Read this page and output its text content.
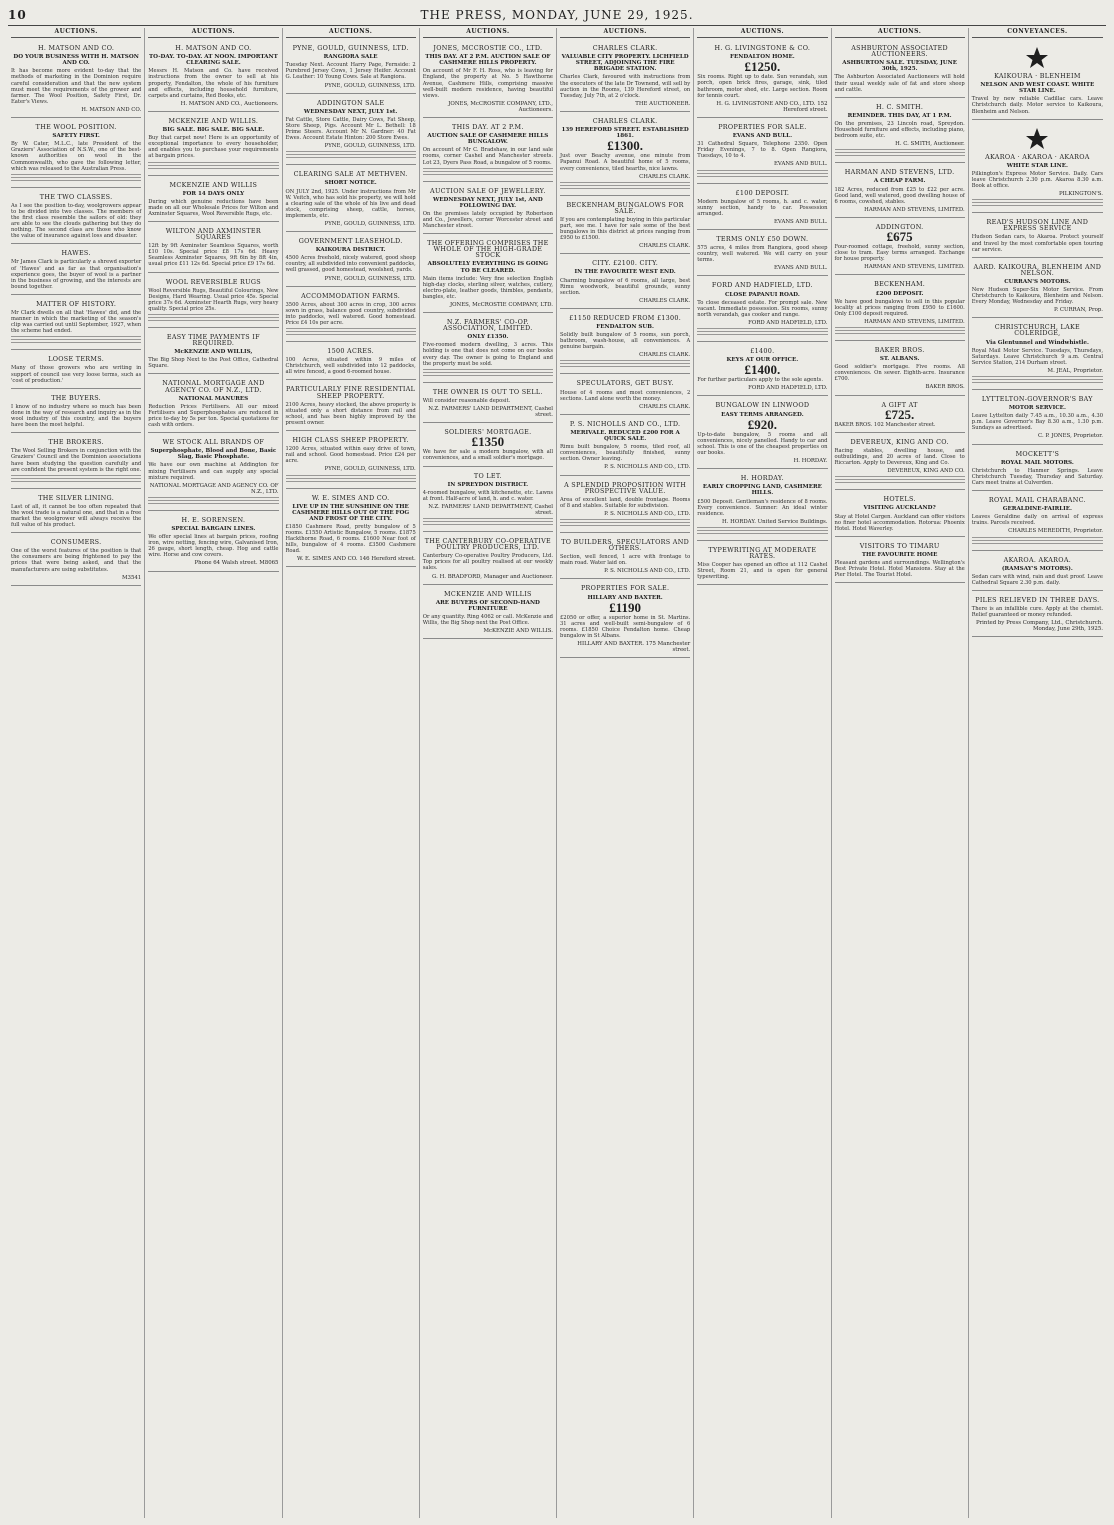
10	THE PRESS, MONDAY, JUNE 29, 1925.
AUCTIONS.
H. MATSON AND CO.
DO YOUR BUSINESS WITH H. MATSON AND CO.
It has become more evident to-day that the methods of marketing in the Dominion require careful consideration and that the new system must meet the requirements of the grower and farmer. The Wool Position, Safety First, Dr. Eater's Views.
H. MATSON AND CO.
THE WOOL POSITION.
SAFETY FIRST.
By W. Cater, M.L.C., late President of the Graziers' Association of N.S.W., one of the best-known authorities on wool in the Commonwealth, who gave the following letter, which was released to the Australian Press.
THE TWO CLASSES.
As I see the position to-day, woolgrowers appear to be divided into two classes. The members of the first class resemble the sailors of old: they are able to see the clouds gathering but they do nothing. The second class are those who know the value of insurance against loss and disaster.
HAWES.
Mr James Clark is particularly a shrewd exporter of 'Hawes' and as far as that organisation's experience goes, the buyer of wool is a partner in the business of growing, and the interests are bound together.
MATTER OF HISTORY.
Mr Clark dwells on all that 'Hawes' did, and the manner in which the marketing of the season's clip was carried out until September, 1927, when the scheme had ended.
LOOSE TERMS.
Many of those growers who are writing in support of council use very loose terms, such as 'cost of production.'
THE BUYERS.
I know of no industry where so much has been done in the way of research and inquiry as in the wool industry of this country, and the buyers have been the most helpful.
THE BROKERS.
The Wool Selling Brokers in conjunction with the Graziers' Council and the Dominion associations have been studying the question carefully and are confident the present system is the right one.
THE SILVER LINING.
Last of all, it cannot be too often repeated that the wool trade is a natural one, and that in a free market the woolgrower will always receive the full value of his product.
CONSUMERS.
One of the worst features of the position is that the consumers are being frightened to pay the prices that were being asked, and that the manufacturers are using substitutes.
M3541
AUCTIONS.
H. MATSON AND CO.
TO-DAY. TO-DAY. AT NOON. IMPORTANT CLEARING SALE.
Messrs H. Matson and Co. have received instructions from the owner to sell at his property, Fendalton, the whole of his furniture and effects, including household furniture, carpets and curtains, Red Books, etc.
H. MATSON AND CO., Auctioneers.
MCKENZIE AND WILLIS.
BIG SALE. BIG SALE. BIG SALE.
Buy that carpet now! Here is an opportunity of exceptional importance to every householder, and enables you to purchase your requirements at bargain prices.
MCKENZIE AND WILLIS
FOR 14 DAYS ONLY
During which genuine reductions have been made on all our Wholesale Prices for Wilton and Axminster Squares, Wool Reversible Rugs, etc.
WILTON AND AXMINSTER SQUARES
12ft by 9ft Axminster Seamless Squares, worth £10 10s. Special price £8 17s 6d. Heavy Seamless Axminster Squares, 9ft 6in by 8ft 4in, usual price £11 12s 6d. Special price £9 17s 6d.
WOOL REVERSIBLE RUGS
Wool Reversible Rugs, Beautiful Colourings, New Designs, Hard Wearing. Usual price 45s. Special price 37s 6d. Axminster Hearth Rugs, very heavy quality. Special price 25s.
EASY TIME PAYMENTS IF REQUIRED.
McKENZIE AND WILLIS,
The Big Shop Next to the Post Office, Cathedral Square.
NATIONAL MORTGAGE AND AGENCY CO. OF N.Z., LTD.
NATIONAL MANURES
Reduction Prices Fertilisers. All our mixed Fertilisers and Superphosphates are reduced in price to-day by 5s per ton. Special quotations for cash with orders.
WE STOCK ALL BRANDS OF
Superphosphate, Blood and Bone, Basic Slag, Basic Phosphate.
We have our own machine at Addington for mixing Fertilisers and can supply any special mixture required.
NATIONAL MORTGAGE AND AGENCY CO. OF N.Z., LTD.
H. E. SORENSEN.
SPECIAL BARGAIN LINES.
We offer special lines at bargain prices, roofing iron, wire netting, fencing wire, Galvanised Iron, 26 gauge, short length, cheap. Hog and cattle wire. Horse and cow covers.
Phone 64 Walsh street. M8065
AUCTIONS.
PYNE, GOULD, GUINNESS, LTD.
RANGIORA SALE
Tuesday Next. Account Harry Page, Fernside: 2 Purebred Jersey Cows, 1 Jersey Heifer. Account G. Leather: 10 Young Cows. Sale at Rangiora.
PYNE, GOULD, GUINNESS, LTD.
ADDINGTON SALE
WEDNESDAY NEXT, JULY 1st.
Fat Cattle, Store Cattle, Dairy Cows, Fat Sheep, Store Sheep, Pigs. Account Mr L. Bethell: 18 Prime Steers. Account Mr N. Gardner: 40 Fat Ewes. Account Estate Hinton: 200 Store Ewes.
PYNE, GOULD, GUINNESS, LTD.
CLEARING SALE AT METHVEN.
SHORT NOTICE.
ON JULY 2nd, 1925. Under instructions from Mr W. Veitch, who has sold his property, we will hold a clearing sale of the whole of his live and dead stock, comprising sheep, cattle, horses, implements, etc.
PYNE, GOULD, GUINNESS, LTD.
GOVERNMENT LEASEHOLD.
KAIKOURA DISTRICT.
4500 Acres freehold, nicely watered, good sheep country, all subdivided into convenient paddocks, well grassed, good homestead, woolshed, yards.
PYNE, GOULD, GUINNESS, LTD.
ACCOMMODATION FARMS.
3500 Acres, about 300 acres in crop, 300 acres sown in grass, balance good country, subdivided into paddocks, well watered. Good homestead. Price £4 10s per acre.
1500 ACRES.
100 Acres, situated within 9 miles of Christchurch, well subdivided into 12 paddocks, all wire fenced, a good 6-roomed house.
PARTICULARLY FINE RESIDENTIAL SHEEP PROPERTY.
2100 Acres, heavy stocked, the above property is situated only a short distance from rail and school, and has been highly improved by the present owner.
HIGH CLASS SHEEP PROPERTY.
1200 Acres, situated within easy drive of town, rail and school. Good homestead. Price £24 per acre.
PYNE, GOULD, GUINNESS, LTD.
W. E. SIMES AND CO.
LIVE UP IN THE SUNSHINE ON THE CASHMERE HILLS OUT OF THE FOG AND FROST OF THE CITY.
£1850 Cashmere Road, pretty bungalow of 5 rooms. £1550 Artistic Bungalow, 5 rooms. £1875 Hackthorne Road, 6 rooms. £1600 Near foot of hills, bungalow of 4 rooms. £3500 Cashmere Road.
W. E. SIMES AND CO. 146 Hereford street.
AUCTIONS.
JONES, MCCROSTIE CO., LTD.
THIS DAY. AT 2 P.M. AUCTION SALE OF CASHMERE HILLS PROPERTY.
On account of Mr F. H. Ross, who is leaving for England, the property at No. 5 Hawthorne Avenue, Cashmere Hills, comprising massive well-built modern residence, having beautiful views.
JONES, McCROSTIE COMPANY, LTD., Auctioneers.
THIS DAY. AT 2 P.M.
AUCTION SALE OF CASHMERE HILLS BUNGALOW.
On account of Mr C. Bradshaw, in our land sale rooms, corner Cashel and Manchester streets. Lot 23, Dyers Pass Road, a bungalow of 5 rooms.
AUCTION SALE OF JEWELLERY.
WEDNESDAY NEXT, JULY 1st, AND FOLLOWING DAY.
On the premises lately occupied by Robertson and Co., Jewellers, corner Worcester street and Manchester street.
THE OFFERING COMPRISES THE WHOLE OF THE HIGH-GRADE STOCK
ABSOLUTELY EVERYTHING IS GOING TO BE CLEARED.
Main items include: Very fine selection English high-day clocks, sterling silver, watches, cutlery, electro-plate, leather goods, thimbles, pendants, bangles, etc.
JONES, McCROSTIE COMPANY, LTD.
N.Z. FARMERS' CO-OP. ASSOCIATION, LIMITED.
ONLY £1350.
Five-roomed modern dwelling, 3 acres. This holding is one that does not come on our books every day. The owner is going to England and the property must be sold.
THE OWNER IS OUT TO SELL.
Will consider reasonable deposit.
N.Z. FARMERS' LAND DEPARTMENT, Cashel street.
SOLDIERS' MORTGAGE.
£1350
We have for sale a modern bungalow, with all conveniences, and a small soldier's mortgage.
TO LET.
IN SPREYDON DISTRICT.
4-roomed bungalow, with kitchenette, etc. Lawns at front. Half-acre of land, h. and c. water.
N.Z. FARMERS' LAND DEPARTMENT, Cashel street.
THE CANTERBURY CO-OPERATIVE POULTRY PRODUCERS, LTD.
Canterbury Co-operative Poultry Producers, Ltd. Top prices for all poultry realised at our weekly sales.
G. H. BRADFORD, Manager and Auctioneer.
MCKENZIE AND WILLIS
ARE BUYERS OF SECOND-HAND FURNITURE
Or any quantity. Ring 4062 or call. McKenzie and Willis, the Big Shop next the Post Office.
McKENZIE AND WILLIS.
AUCTIONS.
CHARLES CLARK.
VALUABLE CITY PROPERTY. LICHFIELD STREET, ADJOINING THE FIRE BRIGADE STATION.
Charles Clark, favoured with instructions from the executors of the late Dr Townend, will sell by auction in the Rooms, 139 Hereford street, on Tuesday, July 7th, at 2 o'clock.
THE AUCTIONEER.
CHARLES CLARK.
139 HEREFORD STREET. ESTABLISHED 1861.
£1300.
Just over Beachy avenue, one minute from Papanui Road. A beautiful home of 5 rooms, every convenience, tiled hearths, nice lawns.
CHARLES CLARK.
BECKENHAM BUNGALOWS FOR SALE.
If you are contemplating buying in this particular part, see me. I have for sale some of the best bungalows in this district at prices ranging from £950 to £1500.
CHARLES CLARK.
CITY. £2100. CITY.
IN THE FAVOURITE WEST END.
Charming bungalow of 6 rooms, all large, best Rimu woodwork, beautiful grounds, sunny section.
CHARLES CLARK.
£1150 REDUCED FROM £1300.
FENDALTON SUB.
Solidly built bungalow of 5 rooms, sun porch, bathroom, wash-house, all conveniences. A genuine bargain.
CHARLES CLARK.
SPECULATORS, GET BUSY.
House of 4 rooms and most conveniences, 2 sections. Land alone worth the money.
CHARLES CLARK.
P. S. NICHOLLS AND CO., LTD.
MERIVALE. REDUCED £200 FOR A QUICK SALE.
Rimu built bungalow, 5 rooms, tiled roof, all conveniences, beautifully finished, sunny section. Owner leaving.
P. S. NICHOLLS AND CO., LTD.
A SPLENDID PROPOSITION WITH PROSPECTIVE VALUE.
Area of excellent land, double frontage. Rooms of 8 and stables. Suitable for subdivision.
P. S. NICHOLLS AND CO., LTD.
TO BUILDERS, SPECULATORS AND OTHERS.
Section, well fenced, 1 acre with frontage to main road. Water laid on.
P. S. NICHOLLS AND CO., LTD.
PROPERTIES FOR SALE.
HILLARY AND BAXTER.
£1190
£2050 or offer, a superior home in St. Martins. 31 acres and well-built semi-bungalow of 6 rooms. £1850 Choice Fendalton home. Cheap bungalow in St Albans.
HILLARY AND BAXTER. 175 Manchester street.
AUCTIONS.
H. G. LIVINGSTONE & CO.
FENDALTON HOME.
£1250.
Six rooms. Right up to date. Sun verandah, sun porch, open brick fires, garage, sink, tiled bathroom, motor shed, etc. Large section. Room for tennis court.
H. G. LIVINGSTONE AND CO., LTD. 152 Hereford street.
PROPERTIES FOR SALE.
EVANS AND BULL.
31 Cathedral Square, Telephone 2350. Open Friday Evenings, 7 to 8. Open Rangiora, Tuesdays, 10 to 4.
EVANS AND BULL.
£100 DEPOSIT.
Modern bungalow of 5 rooms, h. and c. water, sunny section, handy to car. Possession arranged.
EVANS AND BULL.
TERMS ONLY £50 DOWN.
575 acres, 4 miles from Rangiora, good sheep country, well watered. We will carry on your terms.
EVANS AND BULL.
FORD AND HADFIELD, LTD.
CLOSE PAPANUI ROAD.
To close deceased estate. For prompt sale. New vacant. Immediate possession. Six rooms, sunny north verandah, gas cooker and range.
FORD AND HADFIELD, LTD.
£1400.
KEYS AT OUR OFFICE.
£1400.
For further particulars apply to the sole agents.
FORD AND HADFIELD, LTD.
BUNGALOW IN LINWOOD
EASY TERMS ARRANGED.
£920.
Up-to-date bungalow, 5 rooms and all conveniences, nicely panelled. Handy to car and school. This is one of the cheapest properties on our books.
H. HORDAY.
H. HORDAY.
EARLY CROPPING LAND, CASHMERE HILLS.
£500 Deposit. Gentleman's residence of 8 rooms. Every convenience. Sumner: An ideal winter residence.
H. HORDAY. United Service Buildings.
TYPEWRITING AT MODERATE RATES.
Miss Cooper has opened an office at 112 Cashel Street, Room 21, and is open for general typewriting.
AUCTIONS.
ASHBURTON ASSOCIATED AUCTIONEERS.
ASHBURTON SALE. TUESDAY, JUNE 30th, 1925.
The Ashburton Associated Auctioneers will hold their usual weekly sale of fat and store sheep and cattle.
H. C. SMITH.
REMINDER. THIS DAY, AT 1 P.M.
On the premises, 23 Lincoln road, Spreydon. Household furniture and effects, including piano, bedroom suite, etc.
H. C. SMITH, Auctioneer.
HARMAN AND STEVENS, LTD.
A CHEAP FARM.
182 Acres, reduced from £25 to £22 per acre. Good land, well watered, good dwelling house of 6 rooms, cowshed, stables.
HARMAN AND STEVENS, LIMITED.
ADDINGTON.
£675
Four-roomed cottage, freehold, sunny section, close to tram. Easy terms arranged. Exchange for house property.
HARMAN AND STEVENS, LIMITED.
BECKENHAM.
£200 DEPOSIT.
We have good bungalows to sell in this popular locality at prices ranging from £950 to £1600. Only £100 deposit required.
HARMAN AND STEVENS, LIMITED.
BAKER BROS.
ST. ALBANS.
Good soldier's mortgage. Five rooms. All conveniences. On sewer. Eighth-acre. Insurance £700.
BAKER BROS.
A GIFT AT
£725.
BAKER BROS. 102 Manchester street.
DEVEREUX, KING AND CO.
Racing stables, dwelling house, and outbuildings, and 20 acres of land. Close to Riccarton. Apply to Devereux, King and Co.
DEVEREUX, KING AND CO.
HOTELS.
VISITING AUCKLAND?
Stay at Hotel Cargen. Auckland can offer visitors no finer hotel accommodation. Rotorua: Phoenix Hotel. Hotel Waverley.
VISITORS TO TIMARU
THE FAVOURITE HOME
Pleasant gardens and surroundings. Wellington's Best Private Hotel. Hotel Mansions. Stay at the Pier Hotel. The Tourist Hotel.
CONVEYANCES.
KAIKOURA · BLENHEIM
NELSON AND WEST COAST. WHITE STAR LINE.
Travel by new reliable Cadillac cars. Leave Christchurch daily. Motor service to Kaikoura, Blenheim and Nelson.
AKAROA · AKAROA · AKAROA
WHITE STAR LINE.
Pilkington's Express Motor Service. Daily. Cars leave Christchurch 2.30 p.m. Akaroa 8.30 a.m. Book at office.
PILKINGTON'S.
READ'S HUDSON LINE AND EXPRESS SERVICE
Hudson Sedan cars, to Akaroa. Protect yourself and travel by the most comfortable open touring car service.
AARD. KAIKOURA, BLENHEIM AND NELSON.
CURRAN'S MOTORS.
New Hudson Super-Six Motor Service. From Christchurch to Kaikoura, Blenheim and Nelson. Every Monday, Wednesday and Friday.
P. CURRAN, Prop.
CHRISTCHURCH, LAKE COLERIDGE,
Via Glentunnel and Windwhistle.
Royal Mail Motor Service. Tuesdays, Thursdays, Saturdays. Leave Christchurch 9 a.m. Central Service Station, 214 Durham street.
M. JEAL, Proprietor.
LYTTELTON-GOVERNOR'S BAY
MOTOR SERVICE.
Leave Lyttelton daily 7.45 a.m., 10.30 a.m., 4.30 p.m. Leave Governor's Bay 8.30 a.m., 1.30 p.m. Sundays as advertised.
C. P. JONES, Proprietor.
MOCKETT'S
ROYAL MAIL MOTORS.
Christchurch to Hanmer Springs. Leave Christchurch Tuesday, Thursday and Saturday. Cars meet trains at Culverden.
ROYAL MAIL CHARABANC.
GERALDINE-FAIRLIE.
Leaves Geraldine daily on arrival of express trains. Parcels received.
CHARLES MEREDITH, Proprietor.
AKAROA. AKAROA.
(RAMSAY'S MOTORS).
Sedan cars with wind, rain and dust proof. Leave Cathedral Square 2.30 p.m. daily.
PILES RELIEVED IN THREE DAYS.
There is an infallible cure. Apply at the chemist. Relief guaranteed or money refunded.
Printed by Press Company, Ltd., Christchurch. Monday, June 29th, 1925.
